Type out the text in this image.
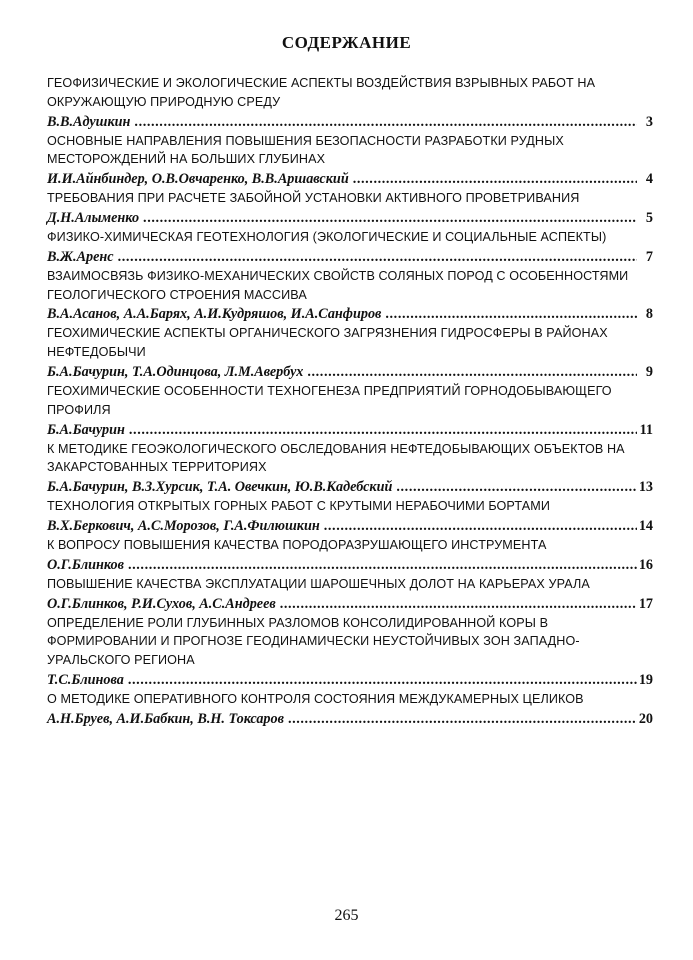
СОДЕРЖАНИЕ
ГЕОФИЗИЧЕСКИЕ И ЭКОЛОГИЧЕСКИЕ АСПЕКТЫ ВОЗДЕЙСТВИЯ ВЗРЫВНЫХ РАБОТ НА ОКРУЖАЮЩУЮ ПРИРОДНУЮ СРЕДУ
В.В.Адушкин .....	3
ОСНОВНЫЕ НАПРАВЛЕНИЯ ПОВЫШЕНИЯ БЕЗОПАСНОСТИ РАЗРАБОТКИ РУДНЫХ МЕСТОРОЖДЕНИЙ НА БОЛЬШИХ ГЛУБИНАХ
И.И.Айнбиндер, О.В.Овчаренко, В.В.Аршавский .....	4
ТРЕБОВАНИЯ ПРИ РАСЧЕТЕ ЗАБОЙНОЙ УСТАНОВКИ АКТИВНОГО ПРОВЕТРИВАНИЯ
Д.Н.Алыменко .....	5
ФИЗИКО-ХИМИЧЕСКАЯ ГЕОТЕХНОЛОГИЯ (ЭКОЛОГИЧЕСКИЕ И СОЦИАЛЬНЫЕ АСПЕКТЫ)
В.Ж.Аренс .....	7
ВЗАИМОСВЯЗЬ ФИЗИКО-МЕХАНИЧЕСКИХ СВОЙСТВ СОЛЯНЫХ ПОРОД С ОСОБЕННОСТЯМИ ГЕОЛОГИЧЕСКОГО СТРОЕНИЯ МАССИВА
В.А.Асанов, А.А.Барях, А.И.Кудряшов, И.А.Санфиров .....	8
ГЕОХИМИЧЕСКИЕ АСПЕКТЫ ОРГАНИЧЕСКОГО ЗАГРЯЗНЕНИЯ ГИДРОСФЕРЫ В РАЙОНАХ НЕФТЕДОБЫЧИ
Б.А.Бачурин, Т.А.Одинцова, Л.М.Авербух .....	9
ГЕОХИМИЧЕСКИЕ ОСОБЕННОСТИ ТЕХНОГЕНЕЗА ПРЕДПРИЯТИЙ ГОРНОДОБЫВАЮЩЕГО ПРОФИЛЯ
Б.А.Бачурин .....	11
К МЕТОДИКЕ ГЕОЭКОЛОГИЧЕСКОГО ОБСЛЕДОВАНИЯ НЕФТЕДОБЫВАЮЩИХ ОБЪЕКТОВ НА ЗАКАРСТОВАННЫХ ТЕРРИТОРИЯХ
Б.А.Бачурин, В.З.Хурсик, Т.А. Овечкин, Ю.В.Кадебский .....	13
ТЕХНОЛОГИЯ ОТКРЫТЫХ ГОРНЫХ РАБОТ С КРУТЫМИ НЕРАБОЧИМИ БОРТАМИ
В.Х.Беркович, А.С.Морозов, Г.А.Филюшкин .....	14
К ВОПРОСУ ПОВЫШЕНИЯ КАЧЕСТВА ПОРОДОРАЗРУШАЮЩЕГО ИНСТРУМЕНТА
О.Г.Блинков .....	16
ПОВЫШЕНИЕ КАЧЕСТВА ЭКСПЛУАТАЦИИ ШАРОШЕЧНЫХ ДОЛОТ НА КАРЬЕРАХ УРАЛА
О.Г.Блинков, Р.И.Сухов, А.С.Андреев .....	17
ОПРЕДЕЛЕНИЕ РОЛИ ГЛУБИННЫХ РАЗЛОМОВ КОНСОЛИДИРОВАННОЙ КОРЫ В ФОРМИРОВАНИИ И ПРОГНОЗЕ ГЕОДИНАМИЧЕСКИ НЕУСТОЙЧИВЫХ ЗОН ЗАПАДНО-УРАЛЬСКОГО РЕГИОНА
Т.С.Блинова .....	19
О МЕТОДИКЕ ОПЕРАТИВНОГО КОНТРОЛЯ СОСТОЯНИЯ МЕЖДУКАМЕРНЫХ ЦЕЛИКОВ
А.Н.Бруев, А.И.Бабкин, В.Н. Токсаров .....	20
265
